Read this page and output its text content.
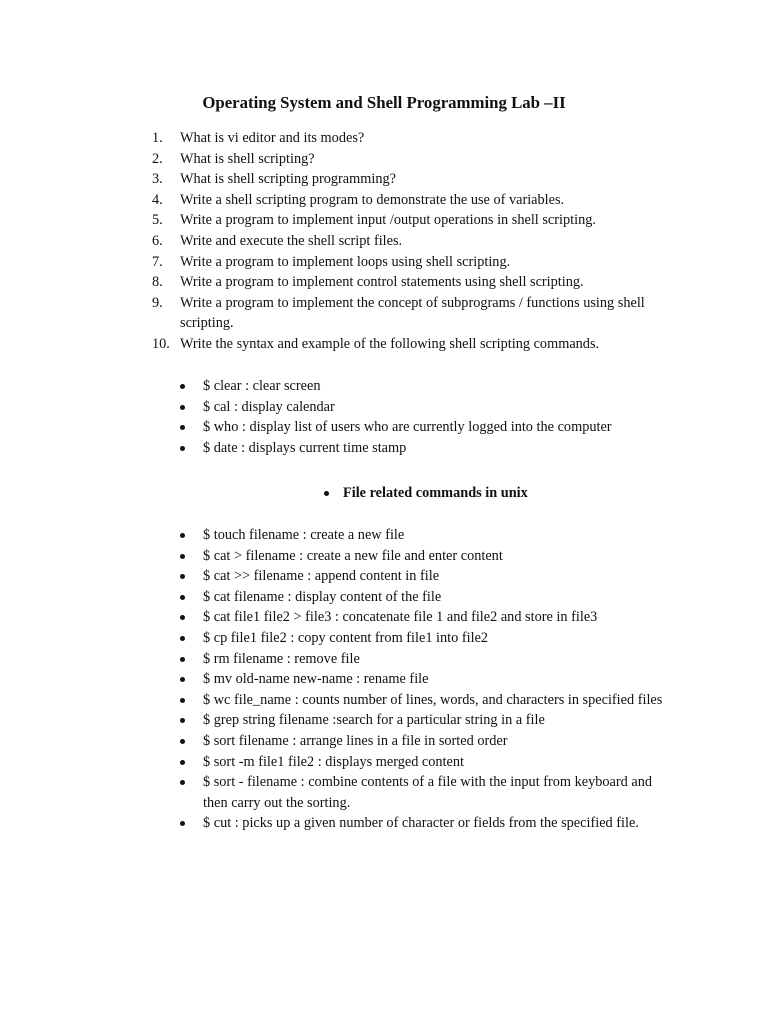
Operating System and Shell Programming Lab –II
1.	What is vi editor and its modes?
2.	What is shell scripting?
3.	What is shell scripting programming?
4.	Write a shell scripting program to demonstrate the use of variables.
5.	Write a program to implement input /output operations in shell scripting.
6.	Write and execute the shell script files.
7.	Write a program to implement loops using shell scripting.
8.	Write a program to implement control statements using shell scripting.
9.	Write a program to implement the concept of subprograms / functions using shell scripting.
10. Write the syntax and example of the following shell scripting commands.
$ clear : clear screen
$ cal : display calendar
$ who : display list of users who are currently logged into the computer
$ date : displays current time stamp
File related commands in unix
$ touch filename : create a new file
$ cat > filename : create a new file and enter content
$ cat >> filename : append content in file
$ cat filename : display content of the file
$ cat file1 file2 > file3 : concatenate file 1 and file2 and store in file3
$ cp file1 file2 : copy content from file1 into file2
$ rm filename : remove file
$ mv old-name new-name : rename file
$ wc file_name : counts number of lines, words, and characters in specified files
$ grep string filename :search for a particular string in a file
$ sort filename : arrange lines in a file in sorted order
$ sort -m file1 file2 : displays merged content
$ sort - filename : combine contents of a file with the input from keyboard and then carry out the sorting.
$ cut : picks up a given number of character or fields from the specified file.
